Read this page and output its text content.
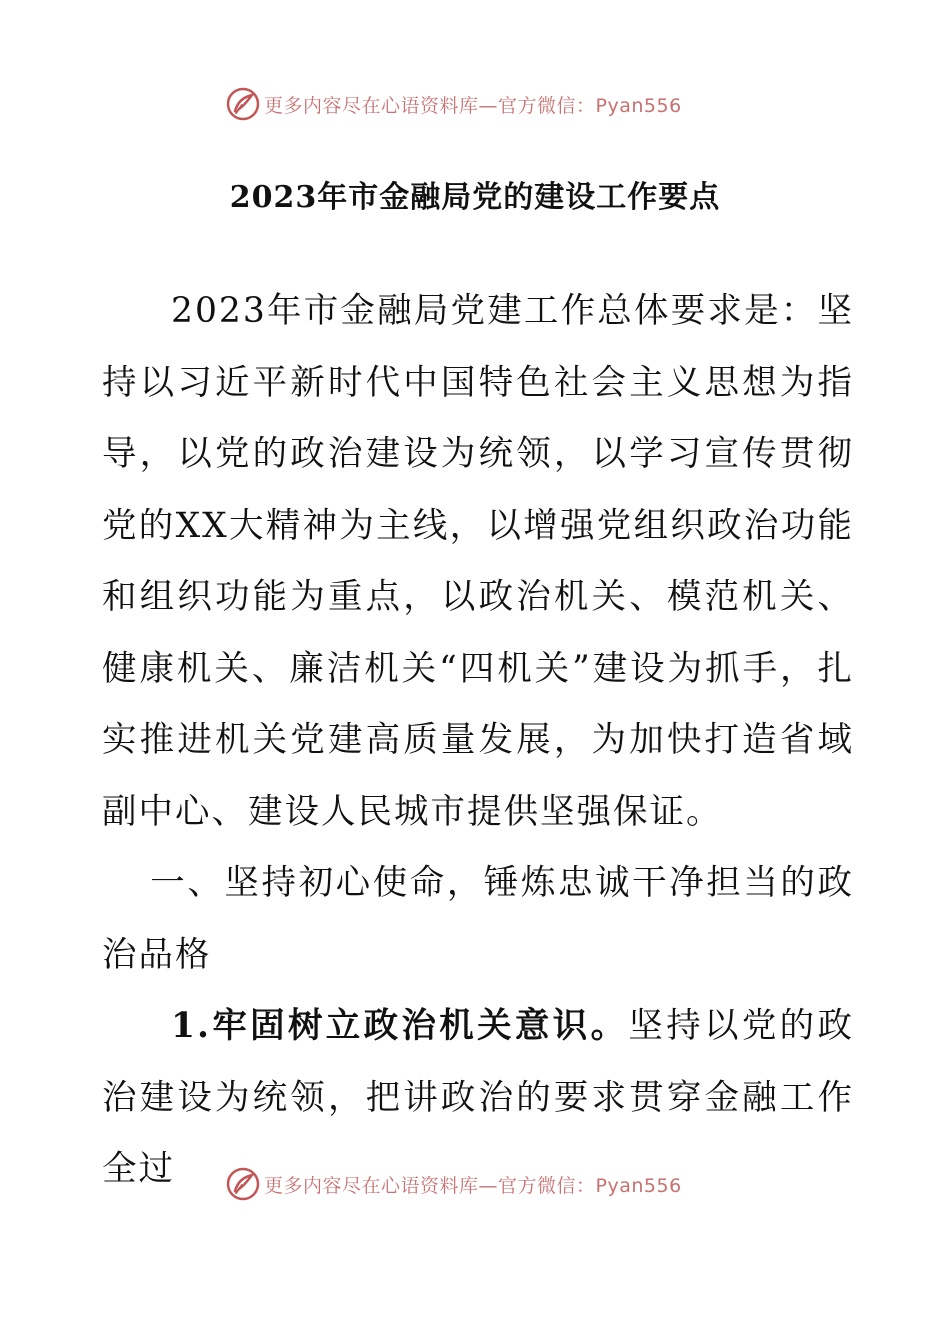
更多内容尽在心语资料库—官方微信：Pyan556
2023年市金融局党的建设工作要点

2023年市金融局党建工作总体要求是：坚持以习近平新时代中国特色社会主义思想为指导，以党的政治建设为统领，以学习宣传贯彻党的XX大精神为主线，以增强党组织政治功能和组织功能为重点，以政治机关、模范机关、健康机关、廉洁机关“四机关”建设为抓手，扎实推进机关党建高质量发展，为加快打造省域副中心、建设人民城市提供坚强保证。

一、坚持初心使命，锤炼忠诚干净担当的政治品格

1.牢固树立政治机关意识。坚持以党的政治建设为统领，把讲政治的要求贯穿金融工作全过	更多内容尽在心语资料库—官方微信：Pyan556
